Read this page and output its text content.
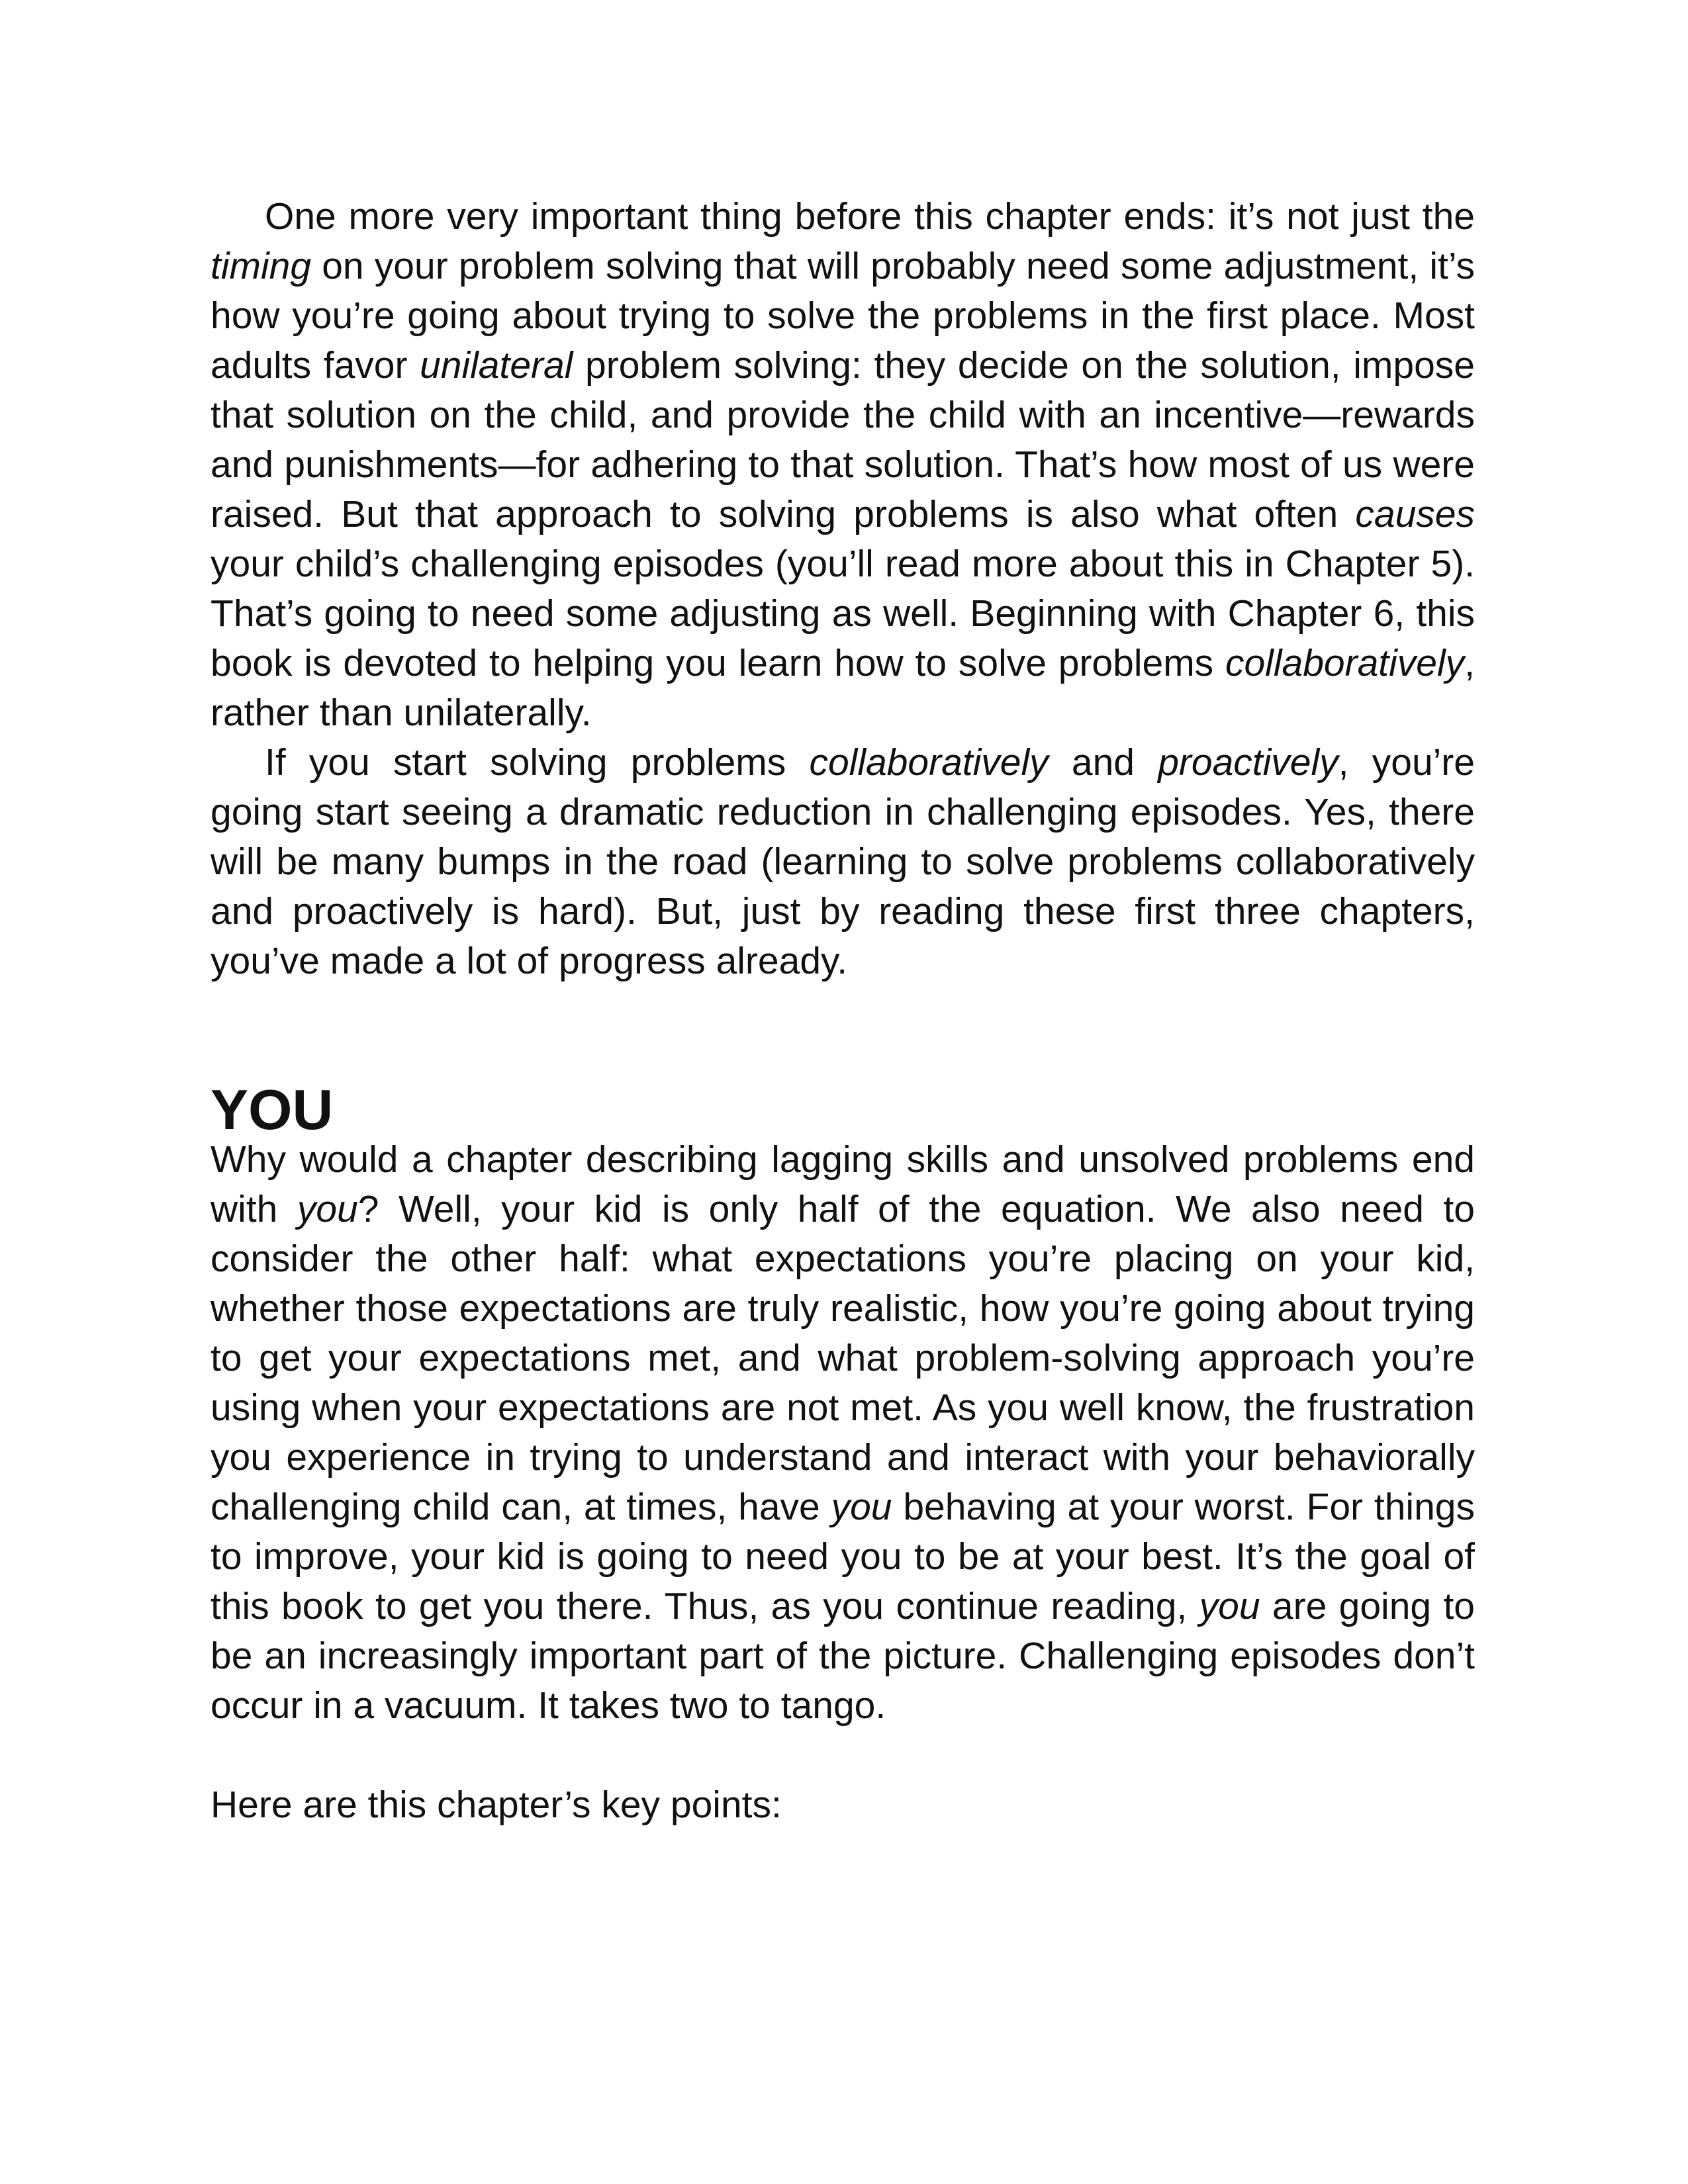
One more very important thing before this chapter ends: it’s not just the timing on your problem solving that will probably need some adjustment, it’s how you’re going about trying to solve the problems in the first place. Most adults favor unilateral problem solving: they decide on the solution, impose that solution on the child, and provide the child with an incentive—rewards and punishments—for adhering to that solution. That’s how most of us were raised. But that approach to solving problems is also what often causes your child’s challenging episodes (you’ll read more about this in Chapter 5). That’s going to need some adjusting as well. Beginning with Chapter 6, this book is devoted to helping you learn how to solve problems collaboratively, rather than unilaterally.

If you start solving problems collaboratively and proactively, you’re going start seeing a dramatic reduction in challenging episodes. Yes, there will be many bumps in the road (learning to solve problems collaboratively and proactively is hard). But, just by reading these first three chapters, you’ve made a lot of progress already.

YOU

Why would a chapter describing lagging skills and unsolved problems end with you? Well, your kid is only half of the equation. We also need to consider the other half: what expectations you’re placing on your kid, whether those expectations are truly realistic, how you’re going about trying to get your expectations met, and what problem-solving approach you’re using when your expectations are not met. As you well know, the frustration you experience in trying to understand and interact with your behaviorally challenging child can, at times, have you behaving at your worst. For things to improve, your kid is going to need you to be at your best. It’s the goal of this book to get you there. Thus, as you continue reading, you are going to be an increasingly important part of the picture. Challenging episodes don’t occur in a vacuum. It takes two to tango.

Here are this chapter’s key points:
